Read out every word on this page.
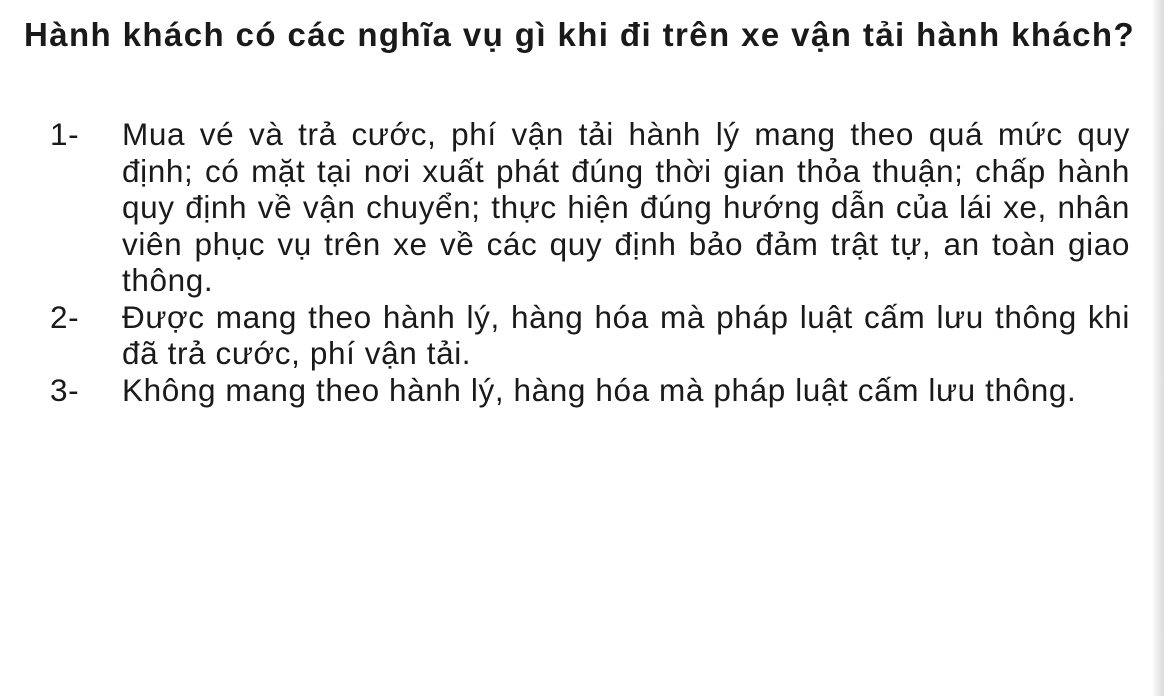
Hành khách có các nghĩa vụ gì khi đi trên xe vận tải hành khách?

1-	Mua vé và trả cước, phí vận tải hành lý mang theo quá mức quy định; có mặt tại nơi xuất phát đúng thời gian thỏa thuận; chấp hành quy định về vận chuyển; thực hiện đúng hướng dẫn của lái xe, nhân viên phục vụ trên xe về các quy định bảo đảm trật tự, an toàn giao thông.
2-	Được mang theo hành lý, hàng hóa mà pháp luật cấm lưu thông khi đã trả cước, phí vận tải.
3-	Không mang theo hành lý, hàng hóa mà pháp luật cấm lưu thông.
